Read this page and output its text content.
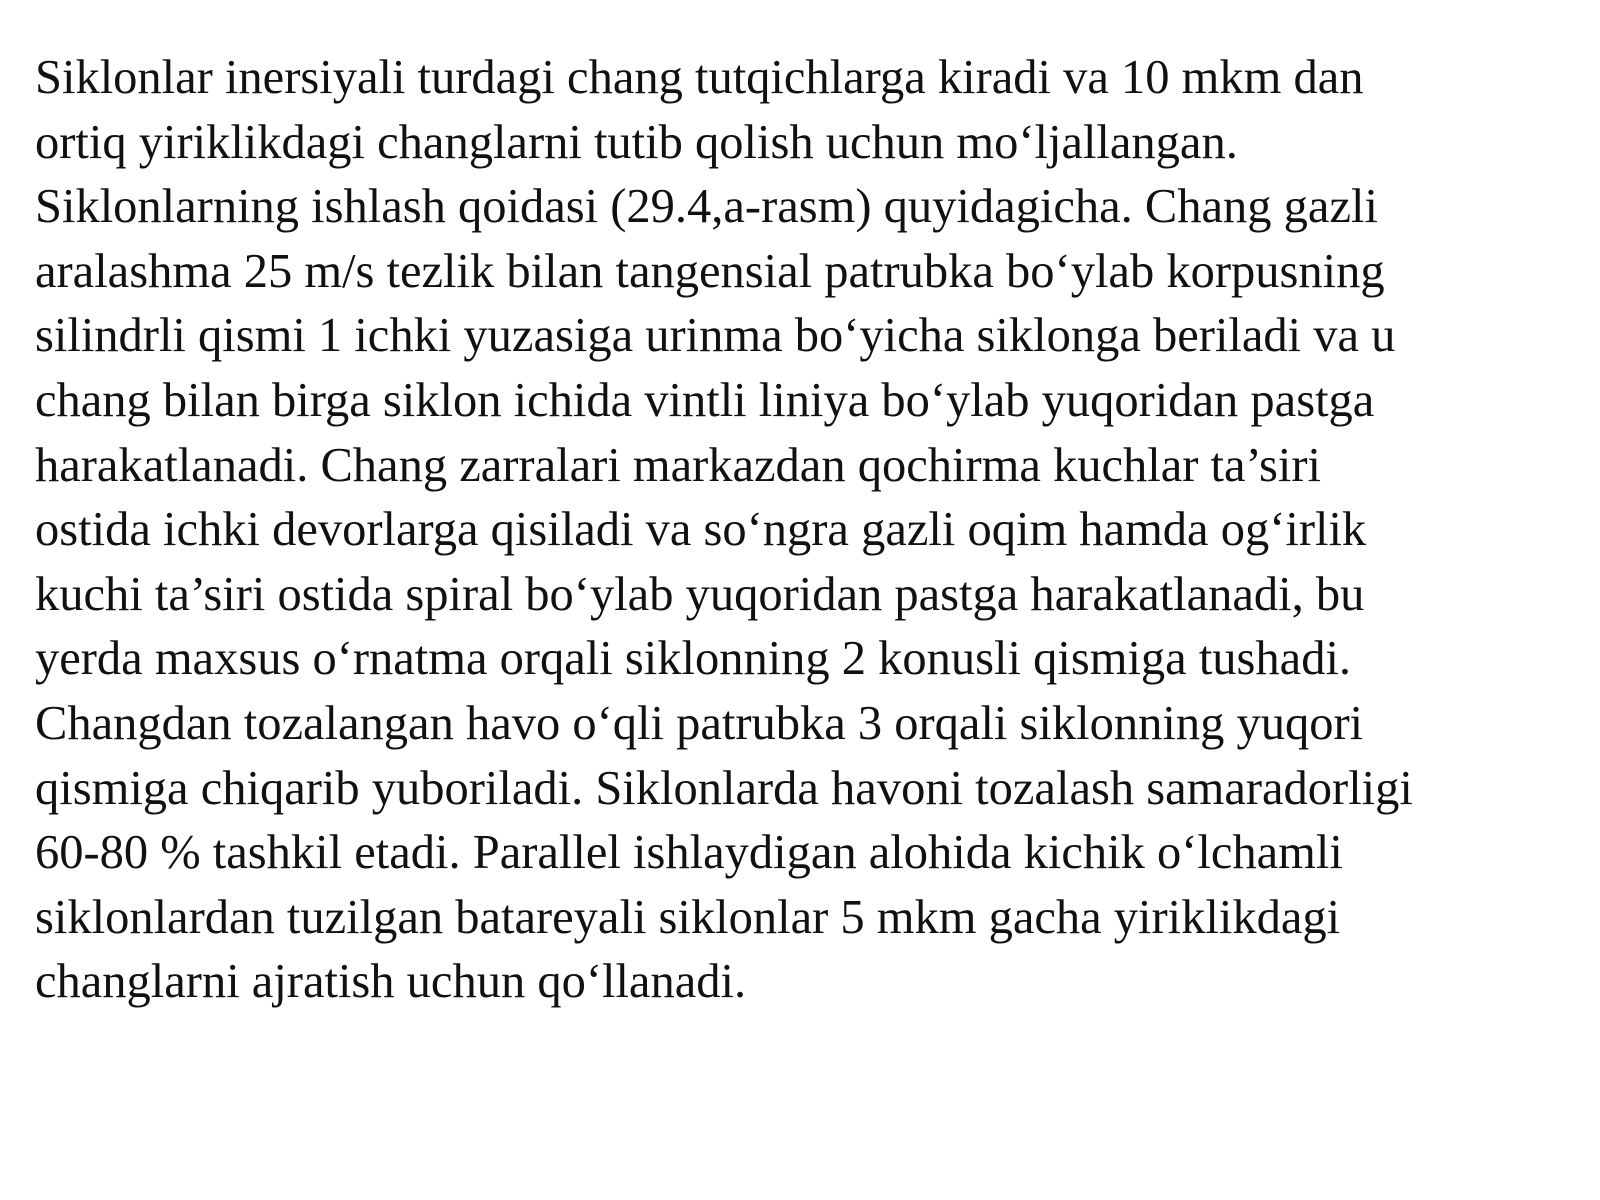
Siklonlar inersiyali turdagi chang tutqichlarga kiradi va 10 mkm dan
ortiq yiriklikdagi changlarni tutib qolish uchun mo‘ljallangan.
Siklonlarning ishlash qoidasi (29.4,a-rasm) quyidagicha. Chang gazli
aralashma 25 m/s tezlik bilan tangensial patrubka bo‘ylab korpusning
silindrli qismi 1 ichki yuzasiga urinma bo‘yicha siklonga beriladi va u
chang bilan birga siklon ichida vintli liniya bo‘ylab yuqoridan pastga
harakatlanadi. Chang zarralari markazdan qochirma kuchlar ta’siri
ostida ichki devorlarga qisiladi va so‘ngra gazli oqim hamda og‘irlik
kuchi ta’siri ostida spiral bo‘ylab yuqoridan pastga harakatlanadi, bu
yerda maxsus o‘rnatma orqali siklonning 2 konusli qismiga tushadi.
Changdan tozalangan havo o‘qli patrubka 3 orqali siklonning yuqori
qismiga chiqarib yuboriladi. Siklonlarda havoni tozalash samaradorligi
60-80 % tashkil etadi. Parallel ishlaydigan alohida kichik o‘lchamli
siklonlardan tuzilgan batareyali siklonlar 5 mkm gacha yiriklikdagi
changlarni ajratish uchun qo‘llanadi.
